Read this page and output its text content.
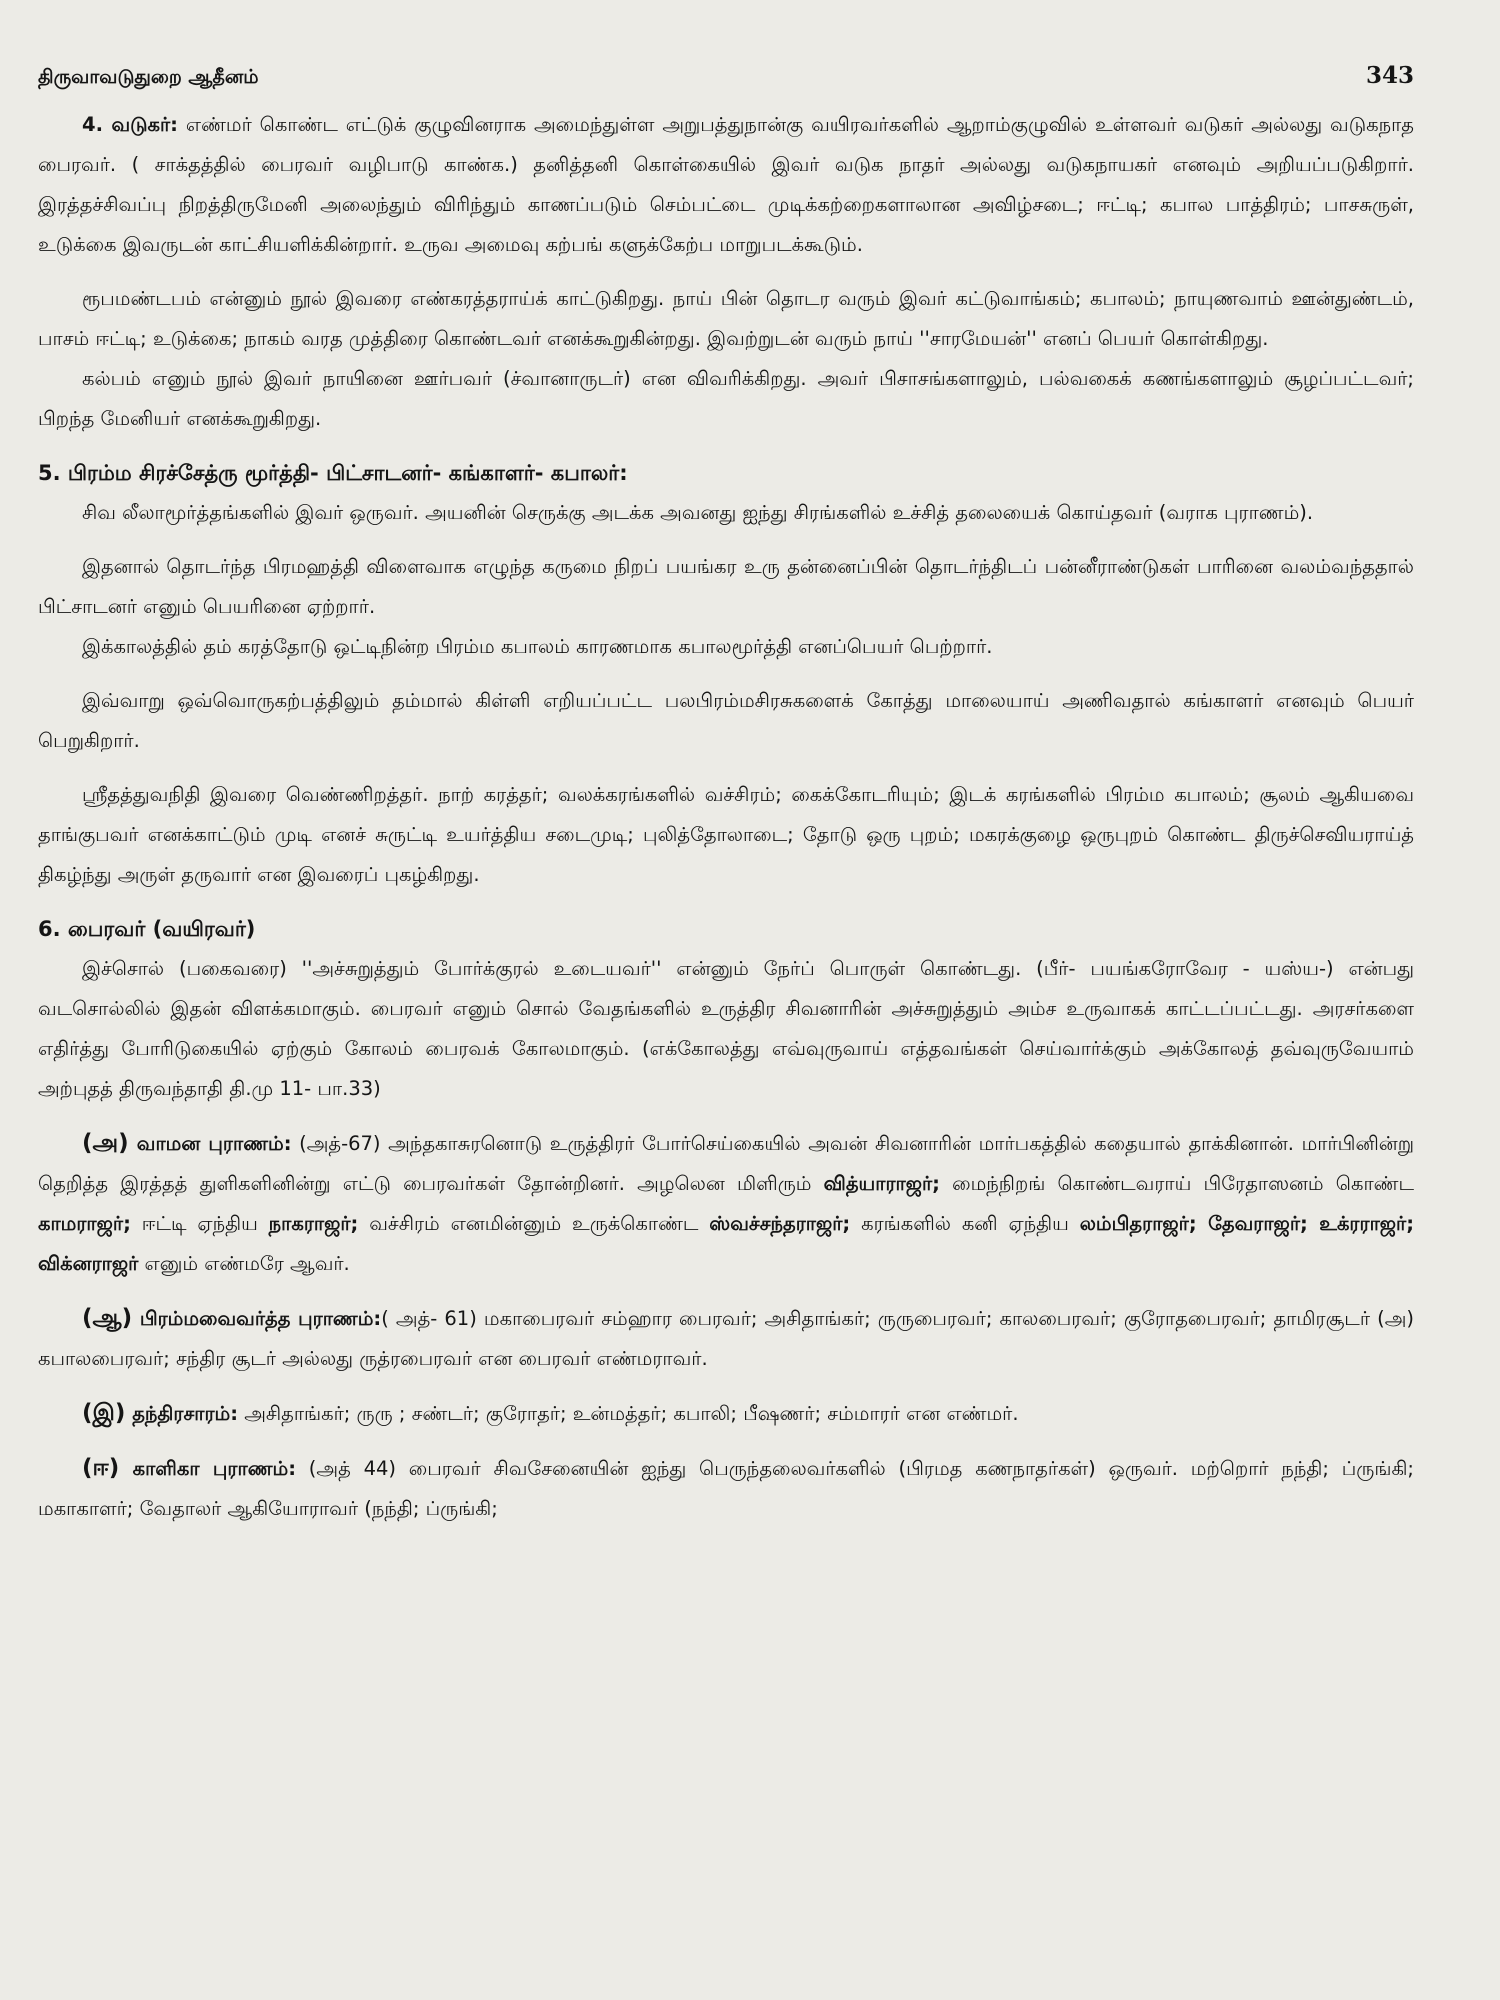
திருவாவடுதுறை ஆதீனம்	343

4. வடுகர்: எண்மர் கொண்ட எட்டுக் குழுவினராக அமைந்துள்ள அறுபத்துநான்கு வயிரவர்களில் ஆறாம்குழுவில் உள்ளவர் வடுகர் அல்லது வடுகநாத பைரவர். ( சாக்தத்தில் பைரவர் வழிபாடு காண்க.) தனித்தனி கொள்கையில் இவர் வடுக நாதர் அல்லது வடுகநாயகர் எனவும் அறியப்படுகிறார். இரத்தச்சிவப்பு நிறத்திருமேனி அலைந்தும் விரிந்தும் காணப்படும் செம்பட்டை முடிக்கற்றைகளாலான அவிழ்சடை; ஈட்டி; கபால பாத்திரம்; பாசசுருள், உடுக்கை இவருடன் காட்சியளிக்கின்றார். உருவ அமைவு கற்பங் களுக்கேற்ப மாறுபடக்கூடும்.

ரூபமண்டபம் என்னும் நூல் இவரை எண்கரத்தராய்க் காட்டுகிறது. நாய் பின் தொடர வரும் இவர் கட்டுவாங்கம்; கபாலம்; நாயுணவாம் ஊன்துண்டம், பாசம் ஈட்டி; உடுக்கை; நாகம் வரத முத்திரை கொண்டவர் எனக்கூறுகின்றது. இவற்றுடன் வரும் நாய் ''சாரமேயன்'' எனப் பெயர் கொள்கிறது.

கல்பம் எனும் நூல் இவர் நாயினை ஊர்பவர் (ச்வானாருடர்) என விவரிக்கிறது. அவர் பிசாசங்களாலும், பல்வகைக் கணங்களாலும் சூழப்பட்டவர்; பிறந்த மேனியர் எனக்கூறுகிறது.

5. பிரம்ம சிரச்சேத்ரு மூர்த்தி- பிட்சாடனர்- கங்காளர்- கபாலர்:

சிவ லீலாமூர்த்தங்களில் இவர் ஒருவர். அயனின் செருக்கு அடக்க அவனது ஐந்து சிரங்களில் உச்சித் தலையைக் கொய்தவர் (வராக புராணம்).

இதனால் தொடர்ந்த பிரமஹத்தி விளைவாக எழுந்த கருமை நிறப் பயங்கர உரு தன்னைப்பின் தொடர்ந்திடப் பன்னீராண்டுகள் பாரினை வலம்வந்ததால் பிட்சாடனர் எனும் பெயரினை ஏற்றார்.

இக்காலத்தில் தம் கரத்தோடு ஒட்டிநின்ற பிரம்ம கபாலம் காரணமாக கபாலமூர்த்தி எனப்பெயர் பெற்றார்.

இவ்வாறு ஒவ்வொருகற்பத்திலும் தம்மால் கிள்ளி எறியப்பட்ட பலபிரம்மசிரசுகளைக் கோத்து மாலையாய் அணிவதால் கங்காளர் எனவும் பெயர் பெறுகிறார்.

ஸ்ரீதத்துவநிதி இவரை வெண்ணிறத்தர். நாற் கரத்தர்; வலக்கரங்களில் வச்சிரம்; கைக்கோடரியும்; இடக் கரங்களில் பிரம்ம கபாலம்; சூலம் ஆகியவை தாங்குபவர் எனக்காட்டும் முடி எனச் சுருட்டி உயர்த்திய சடைமுடி; புலித்தோலாடை; தோடு ஒரு புறம்; மகரக்குழை ஒருபுறம் கொண்ட திருச்செவியராய்த் திகழ்ந்து அருள் தருவார் என இவரைப் புகழ்கிறது.

6. பைரவர் (வயிரவர்)

இச்சொல் (பகைவரை) ''அச்சுறுத்தும் போர்க்குரல் உடையவர்'' என்னும் நேர்ப் பொருள் கொண்டது. (பீர்- பயங்கரோவேர - யஸ்ய-) என்பது வடசொல்லில் இதன் விளக்கமாகும். பைரவர் எனும் சொல் வேதங்களில் உருத்திர சிவனாரின் அச்சுறுத்தும் அம்ச உருவாகக் காட்டப்பட்டது. அரசர்களை எதிர்த்து போரிடுகையில் ஏற்கும் கோலம் பைரவக் கோலமாகும். (எக்கோலத்து எவ்வுருவாய் எத்தவங்கள் செய்வார்க்கும் அக்கோலத் தவ்வுருவேயாம் அற்புதத் திருவந்தாதி தி.மு 11- பா.33)

(அ) வாமன புராணம்: (அத்-67) அந்தகாசுரனொடு உருத்திரர் போர்செய்கையில் அவன் சிவனாரின் மார்பகத்தில் கதையால் தாக்கினான். மார்பினின்று தெறித்த இரத்தத் துளிகளினின்று எட்டு பைரவர்கள் தோன்றினர். அழலென மிளிரும் வித்யாராஜர்; மைந்நிறங் கொண்டவராய் பிரேதாஸனம் கொண்ட காமராஜர்; ஈட்டி ஏந்திய நாகராஜர்; வச்சிரம் எனமின்னும் உருக்கொண்ட ஸ்வச்சந்தராஜர்; கரங்களில் கனி ஏந்திய லம்பிதராஜர்; தேவராஜர்; உக்ரராஜர்; விக்னராஜர் எனும் எண்மரே ஆவர்.

(ஆ) பிரம்மவைவர்த்த புராணம்:( அத்- 61) மகாபைரவர் சம்ஹார பைரவர்; அசிதாங்கர்; ருருபைரவர்; காலபைரவர்; குரோதபைரவர்; தாமிரசூடர் (அ) கபாலபைரவர்; சந்திர சூடர் அல்லது ருத்ரபைரவர் என பைரவர் எண்மராவர்.

(இ) தந்திரசாரம்: அசிதாங்கர்; ருரு ; சண்டர்; குரோதர்; உன்மத்தர்; கபாலி; பீஷணர்; சம்மாரர் என எண்மர்.

(ஈ) காளிகா புராணம்: (அத் 44) பைரவர் சிவசேனையின் ஐந்து பெருந்தலைவர்களில் (பிரமத கணநாதர்கள்) ஒருவர். மற்றொர் நந்தி; ப்ருங்கி; மகாகாளர்; வேதாலர் ஆகியோராவர் (நந்தி; ப்ருங்கி;
